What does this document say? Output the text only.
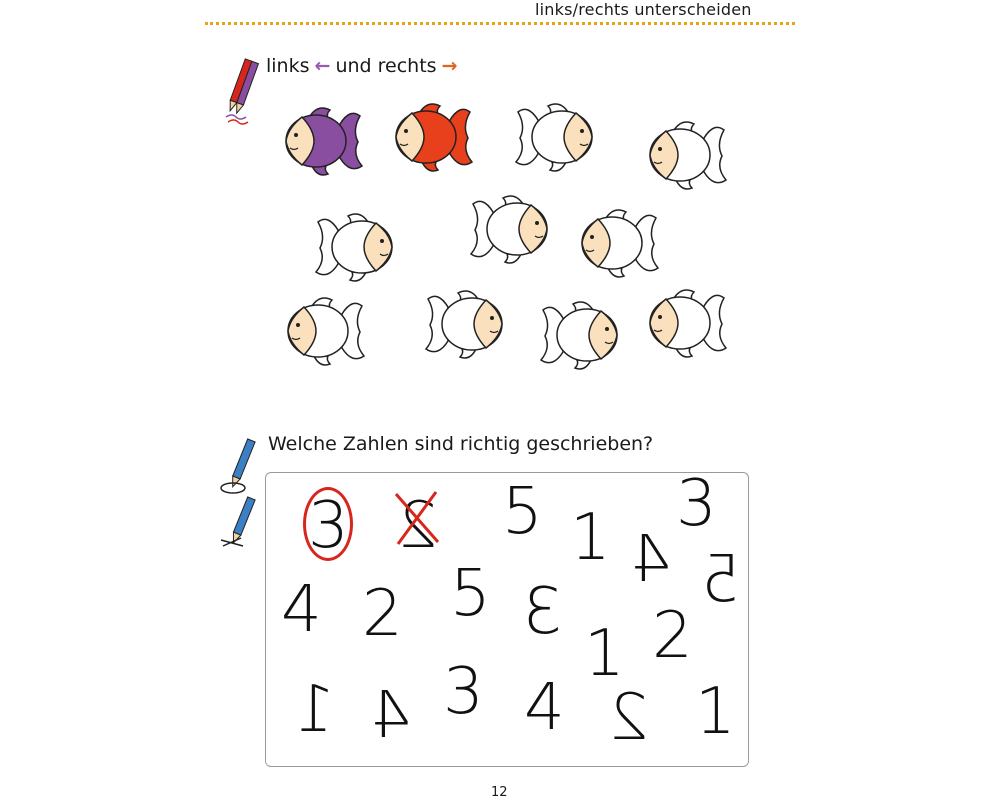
links/rechts unterscheiden
links ← und rechts →
Welche Zahlen sind richtig geschrieben?
3 2 5 1 4
3
5
4 2 5 3
1 2
1 4 3 4 2 1
12
